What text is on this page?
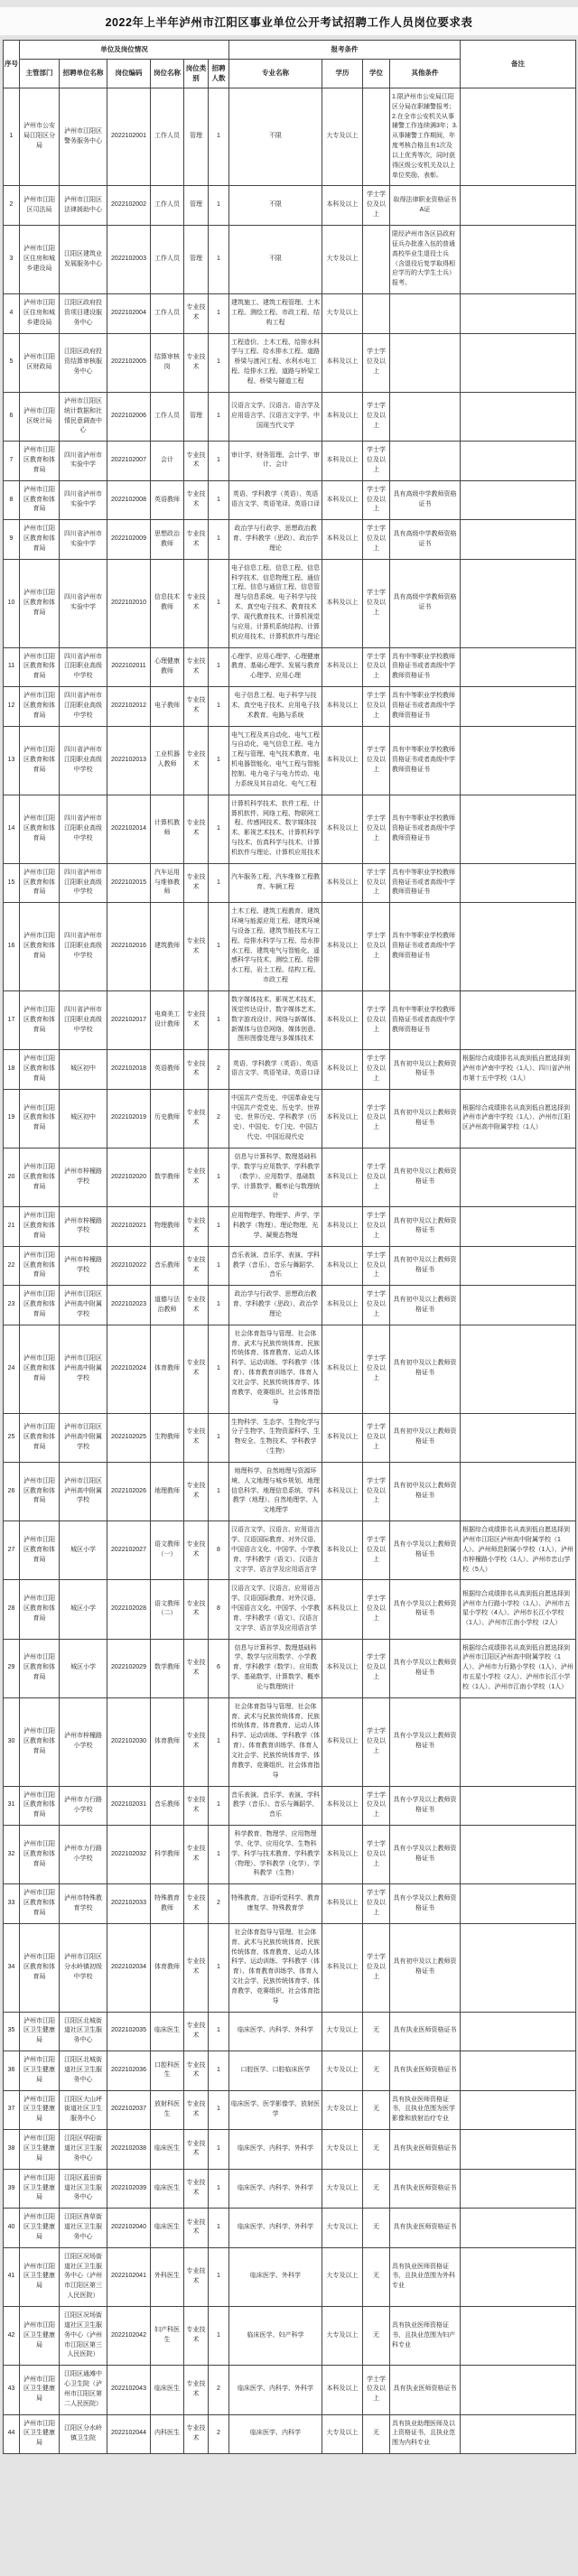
2022年上半年泸州市江阳区事业单位公开考试招聘工作人员岗位要求表
序号	单位及岗位情况						报考条件				备注
	主管部门	招聘单位名称	岗位编码	岗位名称	岗位类别	招聘人数	专业名称	学历	学位	其他条件	
1	泸州市公安局江阳区分局	泸州市江阳区警务服务中心	2022102001	工作人员	管理	1	不限	大专及以上		1.限泸州市公安局江阳区分局在职辅警报考；2.在全市公安机关从事辅警工作连续满3年；3.从事辅警工作期间，年度考核合格且有1次及以上优秀等次，同时获得区级公安机关及以上单位奖励、表彰。	
2	泸州市江阳区司法局	泸州市江阳区法律援助中心	2022102002	工作人员	管理	1	不限	本科及以上	学士学位及以上	取得法律职业资格证书A证	
3	泸州市江阳区住房和城乡建设局	江阳区建筑业发展服务中心	2022102003	工作人员	管理	1	不限	大专及以上		限经泸州市各区县政府征兵办批准入伍的普通高校毕业生退役士兵（含退役后复学取得相应学历的大学生士兵）报考。	
4	泸州市江阳区住房和城乡建设局	江阳区政府投资项目建设服务中心	2022102004	工作人员	专业技术	1	建筑施工、建筑工程管理、土木工程、测绘工程、市政工程、结构工程	大专及以上			
5	泸州市江阳区财政局	江阳区政府投资结算审核服务中心	2022102005	结算审核岗	专业技术	1	工程造价、土木工程、给排水科学与工程、给水排水工程、道路桥梁与渡河工程、水利水电工程、给排水工程、道路与桥梁工程、桥梁与隧道工程	本科及以上	学士学位及以上		
6	泸州市江阳区统计局	泸州市江阳区统计数据和社情民意调查中心	2022102006	工作人员	管理	1	汉语言文学、汉语言、语言学及应用语言学、汉语言文字学、中国现当代文学	本科及以上	学士学位及以上		
7	泸州市江阳区教育和体育局	四川省泸州市实验中学	2022102007	会计	专业技术	1	审计学、财务管理、会计学、审计、会计	本科及以上	学士学位及以上		
8	泸州市江阳区教育和体育局	四川省泸州市实验中学	2022102008	英语教师	专业技术	1	英语、学科教学（英语）、英语语言文学、英语笔译、英语口译	本科及以上	学士学位及以上	具有高级中学教师资格证书	
9	泸州市江阳区教育和体育局	四川省泸州市实验中学	2022102009	思想政治教师	专业技术	1	政治学与行政学、思想政治教育、学科教学（思政）、政治学理论	本科及以上	学士学位及以上	具有高级中学教师资格证书	
10	泸州市江阳区教育和体育局	四川省泸州市实验中学	2022102010	信息技术教师	专业技术	1	电子信息工程、信息工程、信息科学技术、信息物理工程、通信工程、信息与通信工程、信息管理与信息系统、电子科学与技术、真空电子技术、教育技术学、现代教育技术、计算机视觉与应用、计算机系统结构、计算机应用技术、计算机软件与理论	本科及以上	学士学位及以上	具有高级中学教师资格证书	
11	泸州市江阳区教育和体育局	四川省泸州市江阳职业高级中学校	2022102011	心理健康教师	专业技术	1	心理学、应用心理学、心理健康教育、基础心理学、发展与教育心理学、应用心理	本科及以上	学士学位及以上	具有中等职业学校教师资格证书或者高级中学教师资格证书	
12	泸州市江阳区教育和体育局	四川省泸州市江阳职业高级中学校	2022102012	电子教师	专业技术	1	电子信息工程、电子科学与技术、真空电子技术、应用电子技术教育、电路与系统	本科及以上	学士学位及以上	具有中等职业学校教师资格证书或者高级中学教师资格证书	
13	泸州市江阳区教育和体育局	四川省泸州市江阳职业高级中学校	2022102013	工业机器人教师	专业技术	1	电气工程及其自动化、电气工程与自动化、电气信息工程、电力工程与管理、电气技术教育、电机电器智能化、电气工程与智能控制、电力电子与电力传动、电力系统及其自动化、电气工程	本科及以上	学士学位及以上	具有中等职业学校教师资格证书或者高级中学教师资格证书	
14	泸州市江阳区教育和体育局	四川省泸州市江阳职业高级中学校	2022102014	计算机教师	专业技术	1	计算机科学技术、软件工程、计算机软件、网络工程、物联网工程、传感网技术、数字媒体技术、影视艺术技术、计算机科学与技术、仿真科学与技术、计算机软件与理论、计算机应用技术	本科及以上	学士学位及以上	具有中等职业学校教师资格证书或者高级中学教师资格证书	
15	泸州市江阳区教育和体育局	四川省泸州市江阳职业高级中学校	2022102015	汽车运用与维修教师	专业技术	1	汽车服务工程、汽车维修工程教育、车辆工程	本科及以上	学士学位及以上	具有中等职业学校教师资格证书或者高级中学教师资格证书	
16	泸州市江阳区教育和体育局	四川省泸州市江阳职业高级中学校	2022102016	建筑教师	专业技术	1	土木工程、建筑工程教育、建筑环境与能源应用工程、建筑环境与设备工程、建筑节能技术与工程、给排水科学与工程、给水排水工程、建筑电气与智能化、遥感科学与技术、测绘工程、给排水工程、岩土工程、结构工程、市政工程	本科及以上	学士学位及以上	具有中等职业学校教师资格证书或者高级中学教师资格证书	
17	泸州市江阳区教育和体育局	四川省泸州市江阳职业高级中学校	2022102017	电商美工设计教师	专业技术	1	数字媒体技术、影视艺术技术、视觉传达设计、数字媒体艺术、数字游戏设计、网络与新媒体、新媒体与信息网络、媒体创意、图形图像处理与多媒体技术	本科及以上	学士学位及以上	具有中等职业学校教师资格证书或者高级中学教师资格证书	
18	泸州市江阳区教育和体育局	城区初中	2022102018	英语教师	专业技术	2	英语、学科教学（英语）、英语语言文学、英语笔译、英语口译	本科及以上	学士学位及以上	具有初中及以上教师资格证书	根据综合成绩排名从高到低自愿选择到泸州市泸南中学校（1人）、四川省泸州市第十五中学校（1人）
19	泸州市江阳区教育和体育局	城区初中	2022102019	历史教师	专业技术	2	中国共产党历史、中国革命史与中国共产党党史、历史学、世界史、世界历史、学科教学（历史）、中国史、专门史、中国古代史、中国近现代史	本科及以上	学士学位及以上	具有初中及以上教师资格证书	根据综合成绩排名从高到低自愿选择到泸州市泸南中学校（1人）、泸州市江阳区泸州高中附属学校（1人）
20	泸州市江阳区教育和体育局	泸州市梓橦路学校	2022102020	数学教师	专业技术	1	信息与计算科学、数理基础科学、数学与应用数学、学科教学（数学）、应用数学、基础数学、计算数学、概率论与数理统计	本科及以上	学士学位及以上	具有初中及以上教师资格证书	
21	泸州市江阳区教育和体育局	泸州市梓橦路学校	2022102021	物理教师	专业技术	1	应用物理学、物理学、声学、学科教学（物理）、理论物理、光学、凝聚态物理	本科及以上	学士学位及以上	具有初中及以上教师资格证书	
22	泸州市江阳区教育和体育局	泸州市梓橦路学校	2022102022	音乐教师	专业技术	1	音乐表演、音乐学、表演、学科教学（音乐）、音乐与舞蹈学、音乐	本科及以上	学士学位及以上	具有初中及以上教师资格证书	
23	泸州市江阳区教育和体育局	泸州市江阳区泸州高中附属学校	2022102023	道德与法治教师	专业技术	1	政治学与行政学、思想政治教育、学科教学（思政）、政治学理论	本科及以上	学士学位及以上	具有初中及以上教师资格证书	
24	泸州市江阳区教育和体育局	泸州市江阳区泸州高中附属学校	2022102024	体育教师	专业技术	1	社会体育指导与管理、社会体育、武术与民族传统体育、民族传统体育、体育教育、运动人体科学、运动训练、学科教学（体育）、体育教育训练学、体育人文社会学、民族传统体育学、体育教学、竞赛组织、社会体育指导	本科及以上	学士学位及以上	具有初中及以上教师资格证书	
25	泸州市江阳区教育和体育局	泸州市江阳区泸州高中附属学校	2022102025	生物教师	专业技术	1	生物科学、生态学、生物化学与分子生物学、生物资源科学、生物安全、生物技术、学科教学（生物）	本科及以上	学士学位及以上	具有初中及以上教师资格证书	
26	泸州市江阳区教育和体育局	泸州市江阳区泸州高中附属学校	2022102026	地理教师	专业技术	1	地理科学、自然地理与资源环境、人文地理与城乡规划、地理信息科学、地理信息系统、学科教学（地理）、自然地理学、人文地理学	本科及以上	学士学位及以上	具有初中及以上教师资格证书	
27	泸州市江阳区教育和体育局	城区小学	2022102027	语文教师（一）	专业技术	8	汉语言文学、汉语言、应用语言学、汉语国际教育、对外汉语、中国语言文化、中国学、小学教育、学科教学（语文）、汉语言文字学、语言学及应用语言学	本科及以上	学士学位及以上	具有小学及以上教师资格证书	根据综合成绩排名从高到低自愿选择到泸州市江阳区泸州高中附属学校（1人）、泸州师范附属小学校（1人）、泸州市梓橦路小学校（1人）、泸州市忠山学校（5人）
28	泸州市江阳区教育和体育局	城区小学	2022102028	语文教师（二）	专业技术	8	汉语言文学、汉语言、应用语言学、汉语国际教育、对外汉语、中国语言文化、中国学、小学教育、学科教学（语文）、汉语言文字学、语言学及应用语言学	本科及以上	学士学位及以上	具有小学及以上教师资格证书	根据综合成绩排名从高到低自愿选择到泸州市力行路小学校（1人）、泸州市五星小学校（4人）、泸州市长江小学校（1人）、泸州市江南小学校（2人）
29	泸州市江阳区教育和体育局	城区小学	2022102029	数学教师	专业技术	6	信息与计算科学、数理基础科学、数学与应用数学、小学教育、学科教学（数学）、应用数学、基础数学、计算数学、概率论与数理统计	本科及以上	学士学位及以上	具有小学及以上教师资格证书	根据综合成绩排名从高到低自愿选择到泸州市江阳区泸州高中附属学校（1人）、泸州市力行路小学校（1人）、泸州市五星小学校（2人）、泸州市长江小学校（1人）、泸州市江南小学校（1人）
30	泸州市江阳区教育和体育局	泸州市梓橦路小学校	2022102030	体育教师	专业技术	1	社会体育指导与管理、社会体育、武术与民族传统体育、民族传统体育、体育教育、运动人体科学、运动训练、学科教学（体育）、体育教育训练学、体育人文社会学、民族传统体育学、体育教学、竞赛组织、社会体育指导	本科及以上	学士学位及以上	具有小学及以上教师资格证书	
31	泸州市江阳区教育和体育局	泸州市力行路小学校	2022102031	音乐教师	专业技术	1	音乐表演、音乐学、表演、学科教学（音乐）、音乐与舞蹈学、音乐	本科及以上	学士学位及以上	具有小学及以上教师资格证书	
32	泸州市江阳区教育和体育局	泸州市力行路小学校	2022102032	科学教师	专业技术	1	科学教育、物理学、应用物理学、化学、应用化学、生物科学、科学与技术教育、学科教学（物理）、学科教学（化学）、学科教学（生物）	本科及以上	学士学位及以上	具有小学及以上教师资格证书	
33	泸州市江阳区教育和体育局	泸州市特殊教育学校	2022102033	特殊教育教师	专业技术	2	特殊教育、言语听觉科学、教育康复学、特殊教育学	本科及以上	学士学位及以上	具有小学及以上教师资格证书	
34	泸州市江阳区教育和体育局	泸州市江阳区分水岭镇初级中学校	2022102034	体育教师	专业技术	1	社会体育指导与管理、社会体育、武术与民族传统体育、民族传统体育、体育教育、运动人体科学、运动训练、学科教学（体育）、体育教育训练学、体育人文社会学、民族传统体育学、体育教学、竞赛组织、社会体育指导	本科及以上	学士学位及以上	具有初中及以上教师资格证书	
35	泸州市江阳区卫生健康局	江阳区北城街道社区卫生服务中心	2022102035	临床医生	专业技术	1	临床医学、内科学、外科学	大专及以上	无	具有执业医师资格证书	
36	泸州市江阳区卫生健康局	江阳区北城街道社区卫生服务中心	2022102036	口腔科医生	专业技术	1	口腔医学、口腔临床医学	大专及以上	无	具有执业医师资格证书	
37	泸州市江阳区卫生健康局	江阳区大山坪街道社区卫生服务中心	2022102037	放射科医生	专业技术	1	临床医学、医学影像学、放射医学	大专及以上	无	具有执业医师资格证书，且执业范围为医学影像和放射治疗专业	
38	泸州市江阳区卫生健康局	江阳区华阳街道社区卫生服务中心	2022102038	临床医生	专业技术	1	临床医学、内科学、外科学	大专及以上	无	具有执业医师资格证书	
39	泸州市江阳区卫生健康局	江阳区蓝田街道社区卫生服务中心	2022102039	临床医生	专业技术	1	临床医学、内科学、外科学	大专及以上	无	具有执业医师资格证书	
40	泸州市江阳区卫生健康局	江阳区茜草街道社区卫生服务中心	2022102040	临床医生	专业技术	1	临床医学、内科学、外科学	大专及以上	无	具有执业医师资格证书	
41	泸州市江阳区卫生健康局	江阳区况场街道社区卫生服务中心（泸州市江阳区第三人民医院）	2022102041	外科医生	专业技术	1	临床医学、外科学	大专及以上	无	具有执业医师资格证书，且执业范围为外科专业	
42	泸州市江阳区卫生健康局	江阳区况场街道社区卫生服务中心（泸州市江阳区第三人民医院）	2022102042	妇产科医生	专业技术	1	临床医学、妇产科学	大专及以上	无	具有执业医师资格证书，且执业范围为妇产科专业	
43	泸州市江阳区卫生健康局	江阳区通滩中心卫生院（泸州市江阳区第二人民医院）	2022102043	临床医生	专业技术	2	临床医学、内科学、外科学	本科及以上	学士学位及以上	具有执业医师资格证书	
44	泸州市江阳区卫生健康局	江阳区分水岭镇卫生院	2022102044	内科医生	专业技术	2	临床医学、内科学	大专及以上	无	具有执业助理医师及以上资格证书，且执业范围为内科专业	
